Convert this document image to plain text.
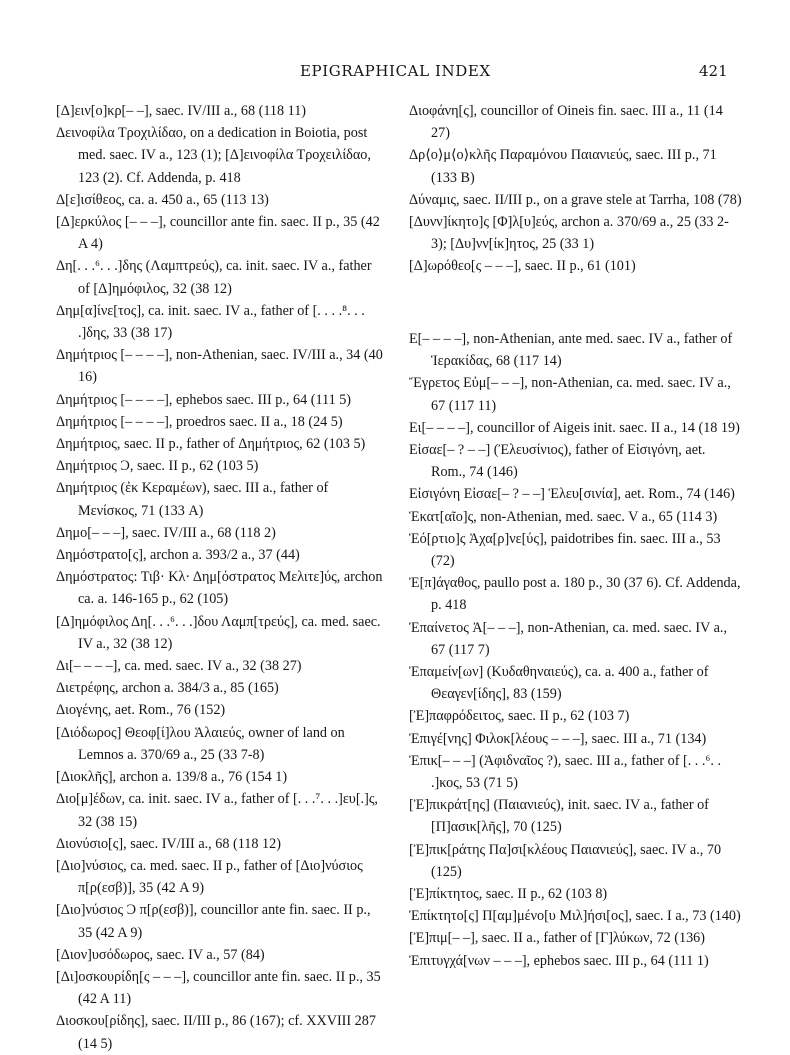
EPIGRAPHICAL INDEX	421

[Δ]ειν[ο]κρ[– –], saec. IV/III a., 68 (118 11)

Δεινοφίλα Τροχιλίδαο, on a dedication in Boiotia, post med. saec. IV a., 123 (1); [Δ]εινοφίλα Τροχειλίδαο, 123 (2). Cf. Addenda, p. 418

Δ[ε]ισίθεος, ca. a. 450 a., 65 (113 13)

[Δ]ερκύλος [– – –], councillor ante fin. saec. II p., 35 (42 A 4)

Δη[. . .⁶. . .]δης (Λαμπτρεύς), ca. init. saec. IV a., father of [Δ]ημόφιλος, 32 (38 12)

Δημ[α]ίνε[τος], ca. init. saec. IV a., father of [. . . .⁸. . . .]δης, 33 (38 17)

Δημήτριος [– – – –], non-Athenian, saec. IV/III a., 34 (40 16)

Δημήτριος [– – – –], ephebos saec. III p., 64 (111 5)

Δημήτριος [– – – –], proedros saec. II a., 18 (24 5)

Δημήτριος, saec. II p., father of Δημήτριος, 62 (103 5)

Δημήτριος Ɔ, saec. II p., 62 (103 5)

Δημήτριος (ἐκ Κεραμέων), saec. III a., father of Μενίσκος, 71 (133 A)

Δημο[– – –], saec. IV/III a., 68 (118 2)

Δημόστρατο[ς], archon a. 393/2 a., 37 (44)

Δημόστρατος: Τιβ· Κλ· Δημ[όστρατος Μελιτε]ύς, archon ca. a. 146-165 p., 62 (105)

[Δ]ημόφιλος Δη[. . .⁶. . .]δου Λαμπ[τρεύς], ca. med. saec. IV a., 32 (38 12)

Δι[– – – –], ca. med. saec. IV a., 32 (38 27)

Διετρέφης, archon a. 384/3 a., 85 (165)

Διογένης, aet. Rom., 76 (152)

[Διόδωρος] Θεοφ[ί]λου Ἁλαιεύς, owner of land on Lemnos a. 370/69 a., 25 (33 7-8)

[Διοκλῆς], archon a. 139/8 a., 76 (154 1)

Διο[μ]έδων, ca. init. saec. IV a., father of [. . .⁷. . .]ευ[.]ς, 32 (38 15)

Διονύσιο[ς], saec. IV/III a., 68 (118 12)

[Διο]νύσιος, ca. med. saec. II p., father of [Διο]νύσιος π[ρ(εσβ)], 35 (42 A 9)

[Διο]νύσιος Ɔ π[ρ(εσβ)], councillor ante fin. saec. II p., 35 (42 A 9)

[Διον]υσόδωρος, saec. IV a., 57 (84)

[Δι]οσκουρίδη[ς – – –], councillor ante fin. saec. II p., 35 (42 A 11)

Διοσκου[ρίδης], saec. II/III p., 86 (167); cf. XXVIII 287 (14 5)

Διοφάνη[ς], councillor of Oineis fin. saec. III a., 11 (14 27)

Δρ⟨ο⟩μ⟨ο⟩κλῆς Παραμόνου Παιανιεύς, saec. III p., 71 (133 B)

Δύναμις, saec. II/III p., on a grave stele at Tarrha, 108 (78)

[Δυνν]ίκητο]ς [Φ]λ[υ]εύς, archon a. 370/69 a., 25 (33 2-3); [Δυ]νν[ίκ]ητος, 25 (33 1)

[Δ]ωρόθεο[ς – – –], saec. II p., 61 (101)

Ε[– – – –], non-Athenian, ante med. saec. IV a., father of Ἱερακίδας, 68 (117 14)

Ἔγρετος Εὐμ[– – –], non-Athenian, ca. med. saec. IV a., 67 (117 11)

Ει[– – – –], councillor of Aigeis init. saec. II a., 14 (18 19)

Εἰσαε[– ? – –] (Ἐλευσίνιος), father of Εἰσιγόνη, aet. Rom., 74 (146)

Εἰσιγόνη Εἰσαε[– ? – –] Ἐλευ[σινία], aet. Rom., 74 (146)

Ἑκατ[αῖο]ς, non-Athenian, med. saec. V a., 65 (114 3)

Ἑό[ρτιο]ς Ἀχα[ρ]νε[ύς], paidotribes fin. saec. III a., 53 (72)

Ἐ[π]άγαθος, paullo post a. 180 p., 30 (37 6). Cf. Addenda, p. 418

Ἐπαίνετος Ἀ[– – –], non-Athenian, ca. med. saec. IV a., 67 (117 7)

Ἐπαμείν[ων] (Κυδαθηναιεύς), ca. a. 400 a., father of Θεαγεν[ίδης], 83 (159)

[Ἐ]παφρόδειτος, saec. II p., 62 (103 7)

Ἐπιγέ[νης] Φιλοκ[λέους – – –], saec. III a., 71 (134)

Ἐπικ[– – –] (Ἀφιδναῖος ?), saec. III a., father of [. . .⁶. . .]κος, 53 (71 5)

[Ἐ]πικράτ[ης] (Παιανιεύς), init. saec. IV a., father of [Π]ασικ[λῆς], 70 (125)

[Ἐ]πικ[ράτης Πα]σι[κλέους Παιανιεύς], saec. IV a., 70 (125)

[Ἐ]πίκτητος, saec. II p., 62 (103 8)

Ἐπίκτητο[ς] Π[αμ]μένο[υ Μιλ]ήσι[ος], saec. I a., 73 (140)

[Ἐ]πιμ[– –], saec. II a., father of [Γ]λύκων, 72 (136)

Ἐπιτυγχά[νων – – –], ephebos saec. III p., 64 (111 1)
